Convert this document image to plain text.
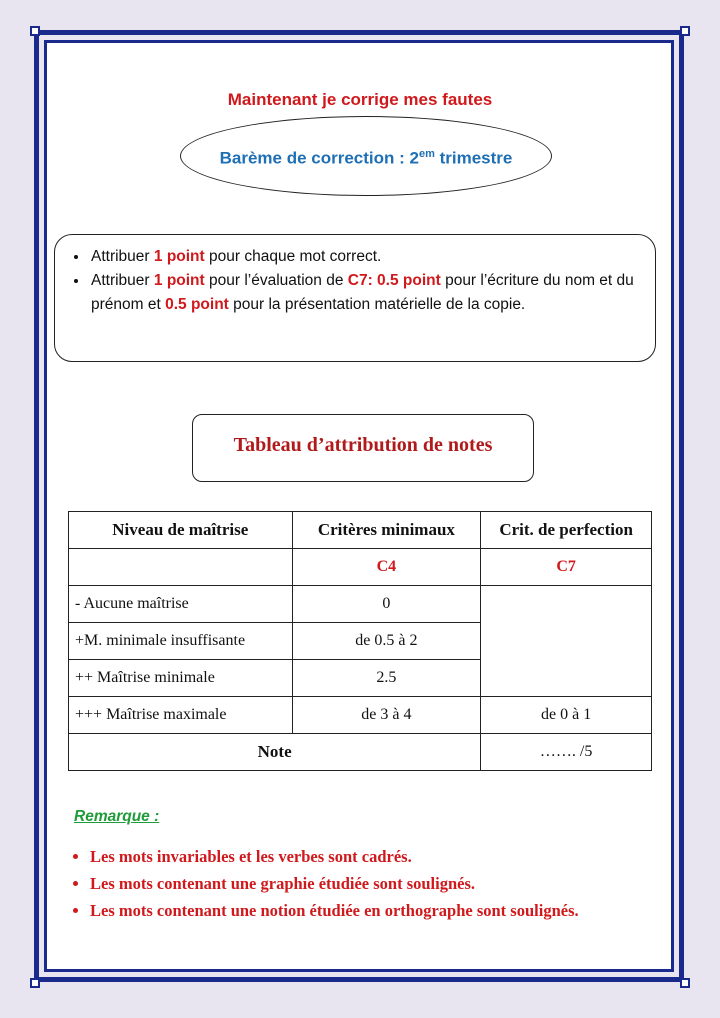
Maintenant je corrige mes fautes
Barème de correction : $2^{em}$ trimestre
• Attribuer 1 point pour chaque mot correct.
• Attribuer 1 point pour l’évaluation de C7: 0.5 point pour l’écriture du nom et du prénom et 0.5 point pour la présentation matérielle de la copie.
Tableau d’attribution de notes
Niveau de maîtrise	Critères minimaux	Crit. de perfection
	C4	C7
- Aucune maîtrise	0	
+M. minimale insuffisante	de 0.5 à 2	
++ Maîtrise minimale	2.5	
+++ Maîtrise maximale	de 3 à 4	de 0 à 1
Note		……. /5
Remarque :
• Les mots invariables et les verbes sont cadrés.
• Les mots contenant une graphie étudiée sont soulignés.
• Les mots contenant une notion étudiée en orthographe sont soulignés.
